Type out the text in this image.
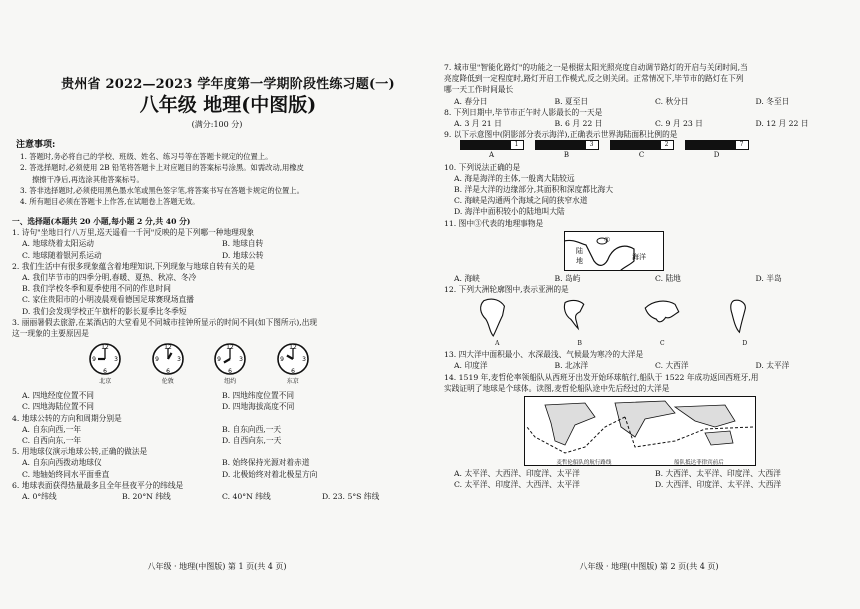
贵州省 2022—2023 学年度第一学期阶段性练习题(一)
八年级 地理(中图版)
(满分:100 分)
注意事项:
1. 答题时,务必将自己的学校、班级、姓名、练习号等在答题卡规定的位置上。
2. 答选择题时,必须使用 2B 铅笔将答题卡上对应题目的答案标号涂黑。如需改动,用橡皮
擦擦干净后,再选涂其他答案标号。
3. 答非选择题时,必须使用黑色墨水笔或黑色签字笔,将答案书写在答题卡规定的位置上。
4. 所有题目必须在答题卡上作答,在试题卷上答题无效。
一、选择题(本题共 20 小题,每小题 2 分,共 40 分)
1. 诗句"坐地日行八万里,巡天遥看一千河"反映的是下列哪一种地理现象
A. 地球绕着太阳运动	B. 地球自转
C. 地球随着银河系运动	D. 地球公转
2. 我们生活中有很多现象蕴含着地理知识,下列现象与地球自转有关的是
A. 我们毕节市的四季分明,春暖、夏热、秋凉、冬冷
B. 我们学校冬季和夏季使用不同的作息时间
C. 家住贵阳市的小明凌晨观看德国足球赛现场直播
D. 我们会发现学校正午旗杆的影长夏季比冬季短
3. 丽丽暑假去旅游,在某酒店的大堂看见不同城市挂钟所显示的时间不同(如下图所示),出现
这一现象的主要原因是
12
3
6
9
北京
12
3
6
9
伦敦
12
3
6
9
纽约
12
3
6
9
东京
A. 四地经度位置不同	B. 四地纬度位置不同
C. 四地海陆位置不同	D. 四地海拔高度不同
4. 地球公转的方向和周期分别是
A. 自东向西,一年	B. 自东向西,一天
C. 自西向东,一年	D. 自西向东,一天
5. 用地球仪演示地球公转,正确的做法是
A. 自东向西拨动地球仪	B. 始终保持光源对着赤道
C. 地轴始终同水平面垂直	D. 北极始终对着北极星方向
6. 地球表面获得热量最多且全年昼夜平分的纬线是
A. 0°纬线	B. 20°N 纬线	C. 40°N 纬线	D. 23. 5°S 纬线
八年级 · 地理(中图版) 第 1 页(共 4 页)
7. 城市里"智能化路灯"的功能之一是根据太阳光照亮度自动调节路灯的开启与关闭时间,当
亮度降低到一定程度时,路灯开启工作模式,反之则关闭。正常情况下,毕节市的路灯在下列
哪一天工作时间最长
A. 春分日	B. 夏至日	C. 秋分日	D. 冬至日
8. 下列日期中,毕节市正午时人影最长的一天是
A. 3 月 21 日	B. 6 月 22 日	C. 9 月 23 日	D. 12 月 22 日
9. 以下示意图中(阴影部分表示海洋),正确表示世界海陆面积比例的是
1
A
3
B
2
C
7
D
10. 下列说法正确的是
A. 海是海洋的主体,一般离大陆较远
B. 洋是大洋的边缘部分,其面积和深度都比海大
C. 海峡是沟通两个海域之间的狭窄水道
D. 海洋中面积较小的陆地叫大陆
11. 图中③代表的地理事物是
①
陆
地	海洋
A. 海峡	B. 岛屿	C. 陆地	D. 半岛
12. 下列大洲轮廓图中,表示亚洲的是
A	B	C	D
13. 四大洋中面积最小、水深最浅、气候最为寒冷的大洋是
A. 印度洋	B. 北冰洋	C. 大西洋	D. 太平洋
14. 1519 年,麦哲伦率领船队从西班牙出发开始环球航行,船队于 1522 年成功返回西班牙,用
实践证明了地球是个球体。读图,麦哲伦船队途中先后经过的大洋是
麦哲伦船队的航行路线	船队抵达菲律宾前后
A. 太平洋、大西洋、印度洋、太平洋	B. 大西洋、太平洋、印度洋、大西洋
C. 太平洋、印度洋、大西洋、太平洋	D. 大西洋、印度洋、太平洋、大西洋
八年级 · 地理(中图版) 第 2 页(共 4 页)
